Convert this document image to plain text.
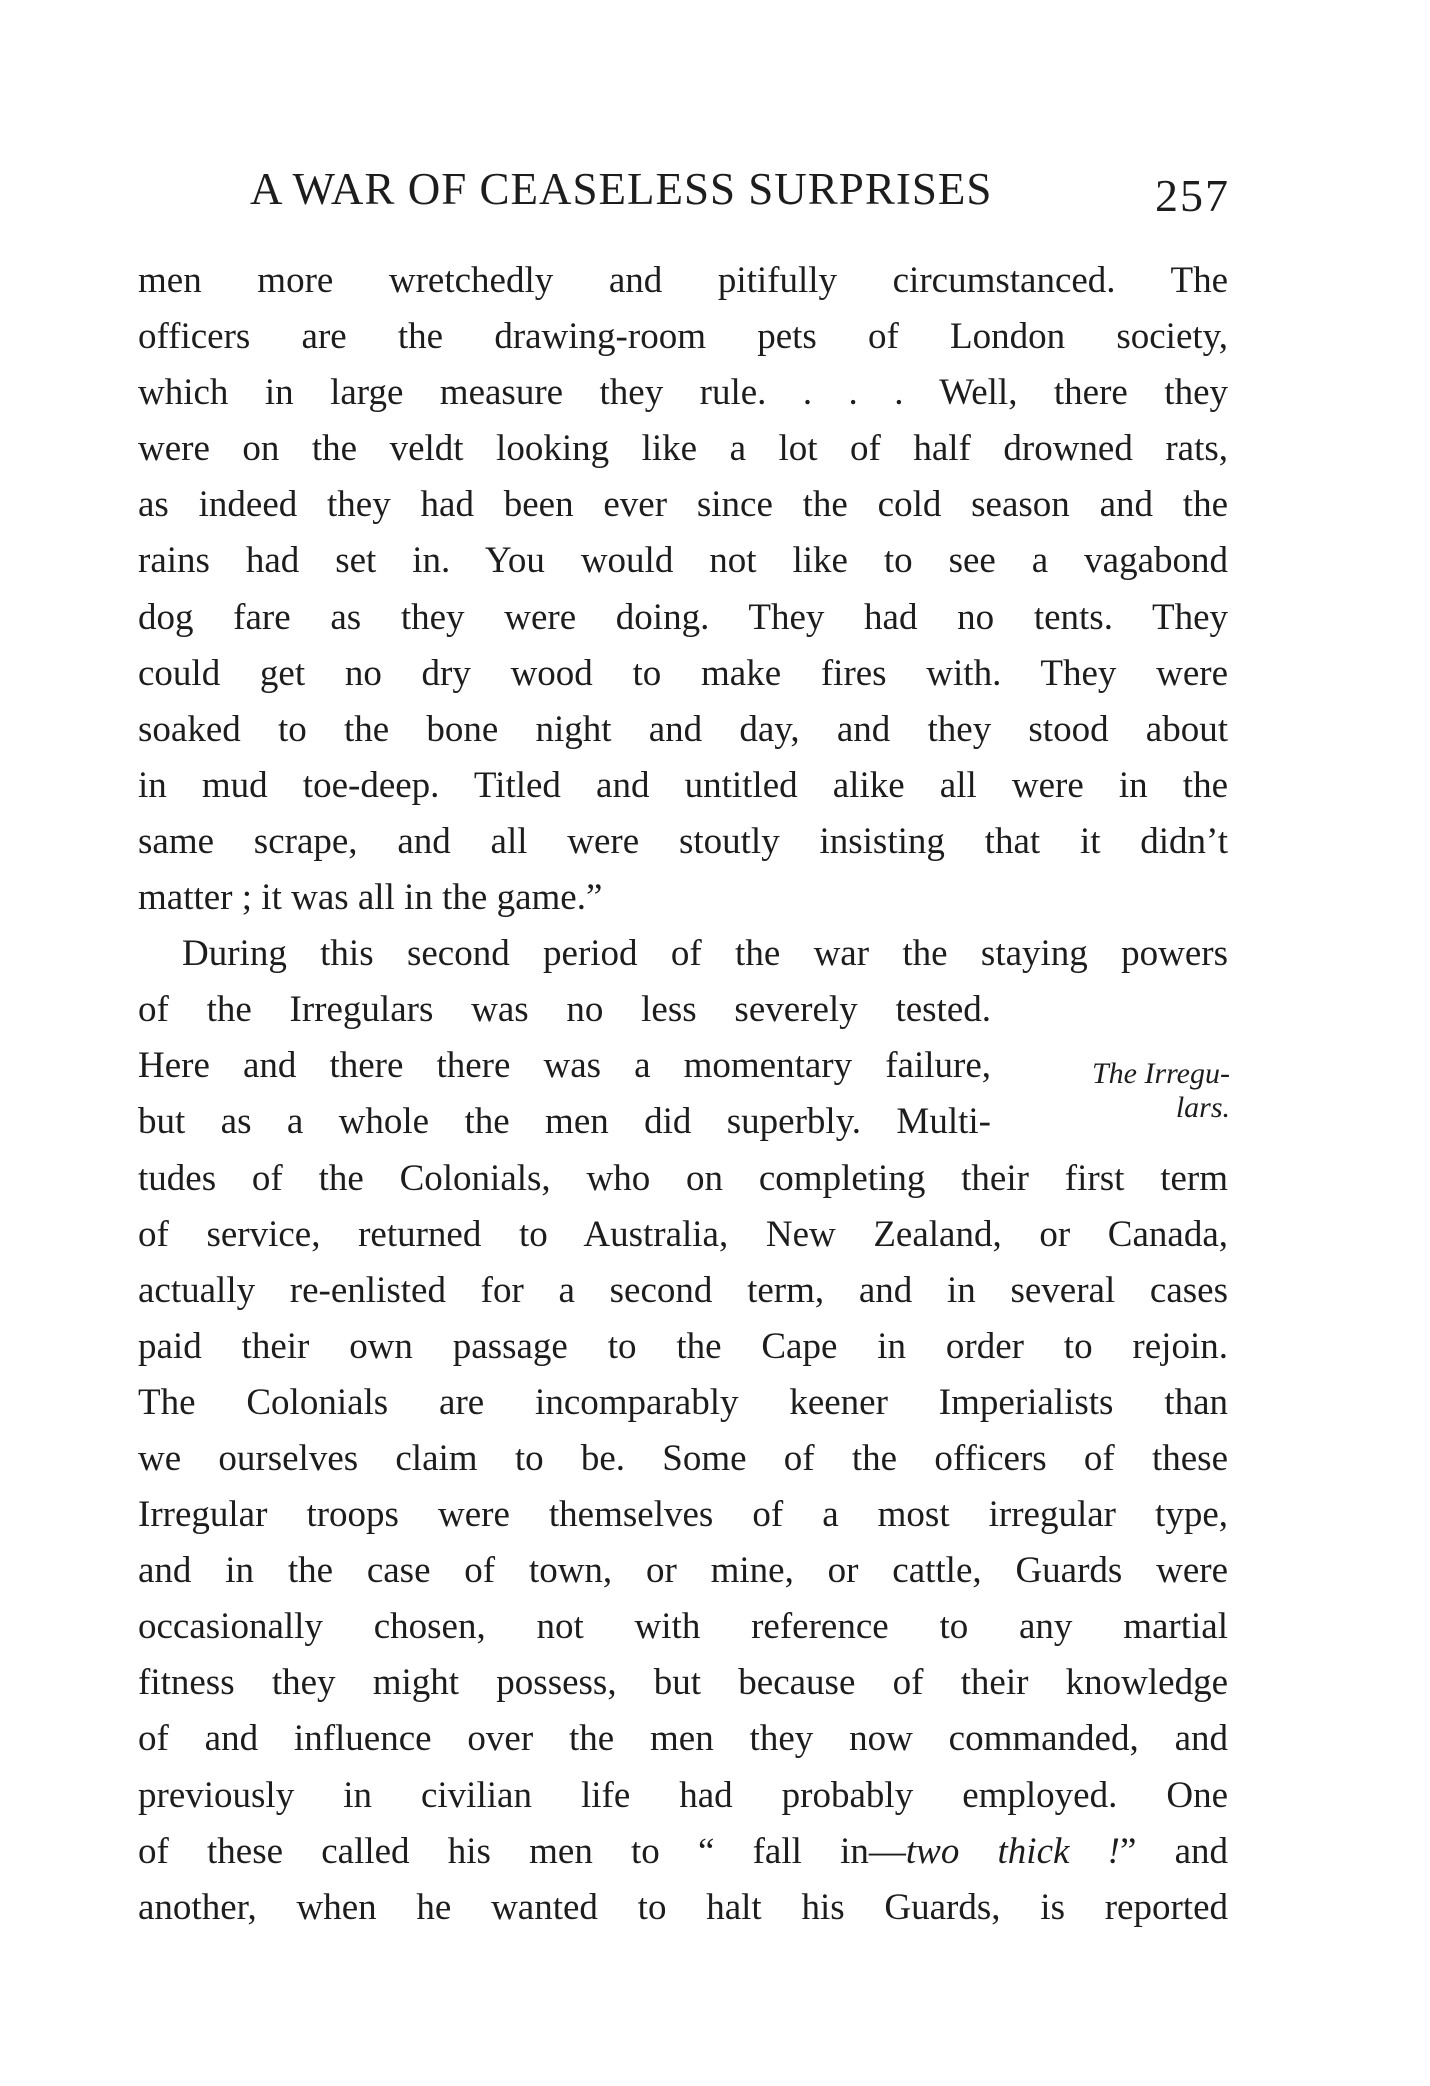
A WAR OF CEASELESS SURPRISES	257
men more wretchedly and pitifully circumstanced. The
officers are the drawing-room pets of London society,
which in large measure they rule. . . . Well, there they
were on the veldt looking like a lot of half drowned rats,
as indeed they had been ever since the cold season and the
rains had set in. You would not like to see a vagabond
dog fare as they were doing. They had no tents. They
could get no dry wood to make fires with. They were
soaked to the bone night and day, and they stood about
in mud toe-deep. Titled and untitled alike all were in the
same scrape, and all were stoutly insisting that it didn’t
matter ; it was all in the game.”
During this second period of the war the staying powers
of the Irregulars was no less severely tested.
Here and there there was a momentary failure,
but as a whole the men did superbly. Multi-
tudes of the Colonials, who on completing their first term
of service, returned to Australia, New Zealand, or Canada,
actually re-enlisted for a second term, and in several cases
paid their own passage to the Cape in order to rejoin.
The Colonials are incomparably keener Imperialists than
we ourselves claim to be. Some of the officers of these
Irregular troops were themselves of a most irregular type,
and in the case of town, or mine, or cattle, Guards were
occasionally chosen, not with reference to any martial
fitness they might possess, but because of their knowledge
of and influence over the men they now commanded, and
previously in civilian life had probably employed. One
of these called his men to “ fall in—two thick !” and
another, when he wanted to halt his Guards, is reported
The Irregu-
lars.
